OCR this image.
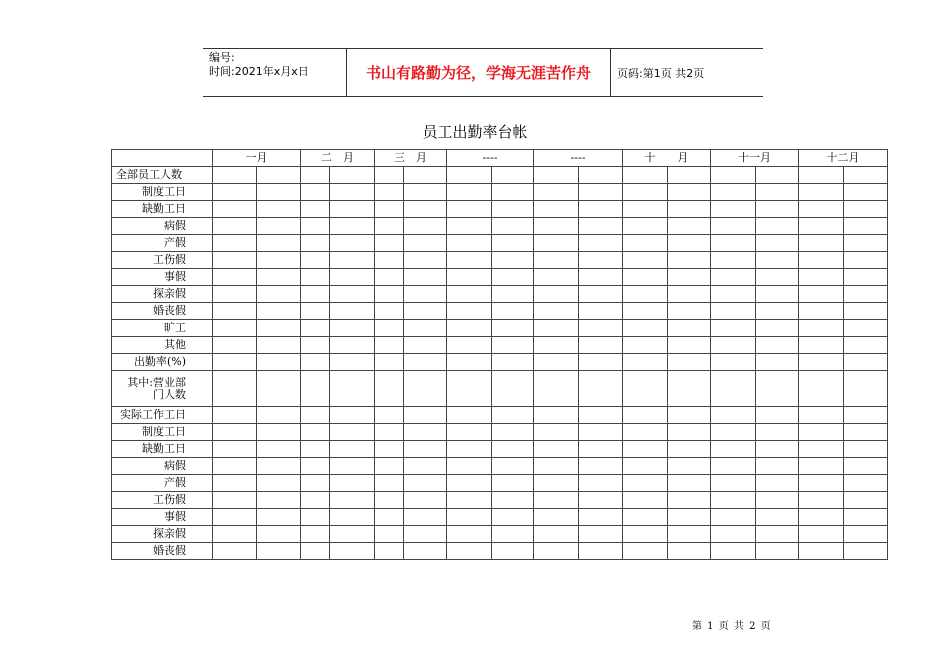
编号:
时间:2021年x月x日	书山有路勤为径，学海无涯苦作舟	页码:第1页 共2页
员工出勤率台帐
	一月		二　月		三　月		----		----		十　　月		十一月		十二月	
全部员工人数																
制度工日																
缺勤工日																
病假																
产假																
工伤假																
事假																
探亲假																
婚丧假																
旷工																
其他																
出勤率(%)																
其中:营业部门人数																
实际工作工日																
制度工日																
缺勤工日																
病假																
产假																
工伤假																
事假																
探亲假																
婚丧假																
第 1 页 共 2 页
